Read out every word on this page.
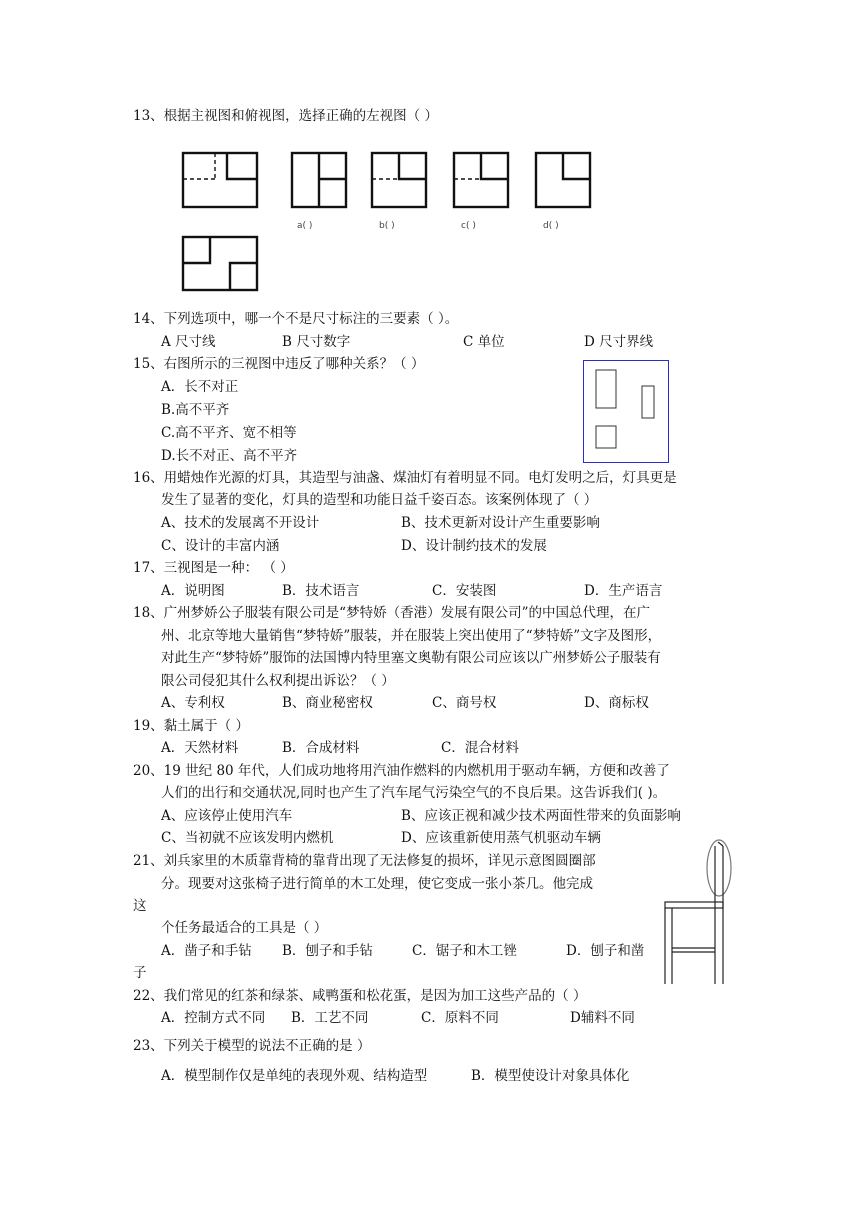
13、根据主视图和俯视图，选择正确的左视图（ ）
a( )	b( )	c( )	d( )
14、下列选项中，哪一个不是尺寸标注的三要素（ ）。
A 尺寸线	B 尺寸数字	C 单位	D 尺寸界线
15、右图所示的三视图中违反了哪种关系？（ ）
A．长不对正
B.高不平齐
C.高不平齐、宽不相等
D.长不对正、高不平齐
16、用蜡烛作光源的灯具，其造型与油盏、煤油灯有着明显不同。电灯发明之后，灯具更是
发生了显著的变化，灯具的造型和功能日益千姿百态。该案例体现了（ ）
A、技术的发展离不开设计	B、技术更新对设计产生重要影响
C、设计的丰富内涵	D、设计制约技术的发展
17、三视图是一种： （ ）
A．说明图	B．技术语言	C．安装图	D．生产语言
18、广州梦娇公子服装有限公司是“梦特娇（香港）发展有限公司”的中国总代理，在广
州、北京等地大量销售“梦特娇”服装，并在服装上突出使用了“梦特娇”文字及图形，
对此生产“梦特娇”服饰的法国博内特里塞文奥勒有限公司应该以广州梦娇公子服装有
限公司侵犯其什么权利提出诉讼？（ ）
A、专利权	B、商业秘密权	C、商号权	D、商标权
19、黏土属于（ ）
A．天然材料	B．合成材料	C．混合材料
20、19 世纪 80 年代，人们成功地将用汽油作燃料的内燃机用于驱动车辆，方便和改善了
人们的出行和交通状况,同时也产生了汽车尾气污染空气的不良后果。这告诉我们( )。
A、应该停止使用汽车	B、应该正视和减少技术两面性带来的负面影响
C、当初就不应该发明内燃机	D、应该重新使用蒸气机驱动车辆
21、刘兵家里的木质靠背椅的靠背出现了无法修复的损坏，详见示意图圆圈部
分。现要对这张椅子进行简单的木工处理，使它变成一张小茶几。他完成
这
个任务最适合的工具是（ ）
A．凿子和手钻 B．刨子和手钻	C．锯子和木工锉	D．刨子和凿
子
22、我们常见的红茶和绿茶、咸鸭蛋和松花蛋，是因为加工这些产品的（ ）
A．控制方式不同 B．工艺不同	C．原料不同	D辅料不同
23、下列关于模型的说法不正确的是 ）
A．模型制作仅是单纯的表现外观、结构造型	B．模型使设计对象具体化
